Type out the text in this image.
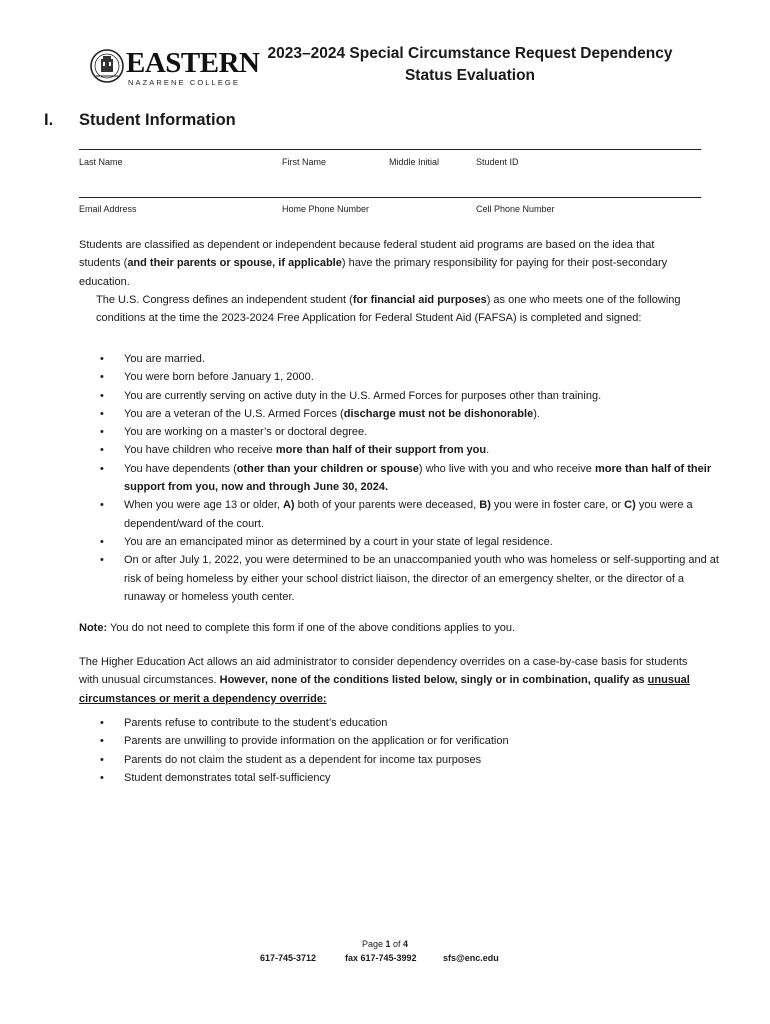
EASTERN
NAZARENE COLLEGE
2023–2024 Special Circumstance Request Dependency
Status Evaluation
I. Student Information
Last Name	First Name	Middle Initial	Student ID
Email Address	Home Phone Number	Cell Phone Number
Students are classified as dependent or independent because federal student aid programs are based on the idea that students (and their parents or spouse, if applicable) have the primary responsibility for paying for their post-secondary education.
The U.S. Congress defines an independent student (for financial aid purposes) as one who meets one of the following conditions at the time the 2023-2024 Free Application for Federal Student Aid (FAFSA) is completed and signed:
• You are married.
• You were born before January 1, 2000.
• You are currently serving on active duty in the U.S. Armed Forces for purposes other than training.
• You are a veteran of the U.S. Armed Forces (discharge must not be dishonorable).
• You are working on a master’s or doctoral degree.
• You have children who receive more than half of their support from you.
• You have dependents (other than your children or spouse) who live with you and who receive more than half of their support from you, now and through June 30, 2024.
• When you were age 13 or older, A) both of your parents were deceased, B) you were in foster care, or C) you were a dependent/ward of the court.
• You are an emancipated minor as determined by a court in your state of legal residence.
• On or after July 1, 2022, you were determined to be an unaccompanied youth who was homeless or self-supporting and at risk of being homeless by either your school district liaison, the director of an emergency shelter, or the director of a runaway or homeless youth center.
Note: You do not need to complete this form if one of the above conditions applies to you.
The Higher Education Act allows an aid administrator to consider dependency overrides on a case-by-case basis for students with unusual circumstances. However, none of the conditions listed below, singly or in combination, qualify as unusual circumstances or merit a dependency override:
• Parents refuse to contribute to the student’s education
• Parents are unwilling to provide information on the application or for verification
• Parents do not claim the student as a dependent for income tax purposes
• Student demonstrates total self-sufficiency
Page 1 of 4
617-745-3712	fax 617-745-3992	sfs@enc.edu
